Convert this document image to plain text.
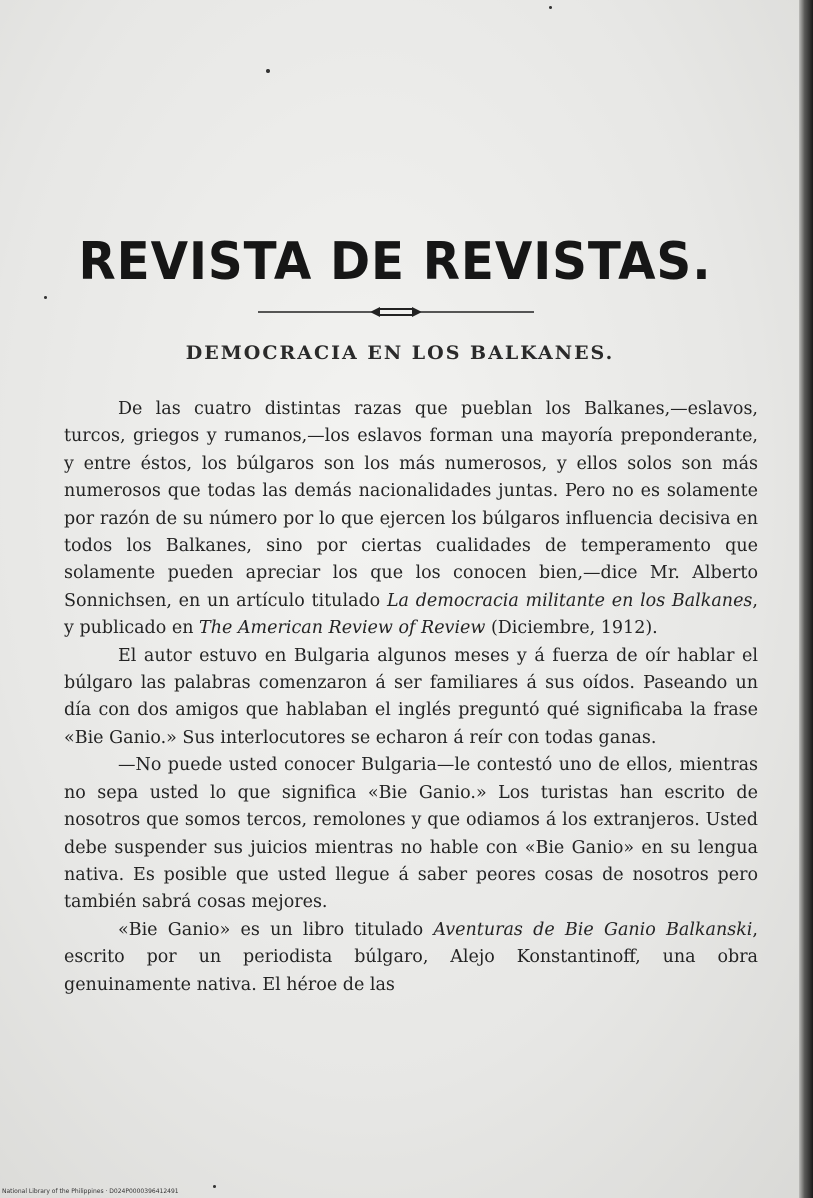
REVISTA DE REVISTAS.
DEMOCRACIA EN LOS BALKANES.

De las cuatro distintas razas que pueblan los Balkanes,—eslavos, turcos, griegos y rumanos,—los eslavos forman una mayoría preponderante, y entre éstos, los búlgaros son los más numerosos, y ellos solos son más numerosos que todas las demás nacionalidades juntas. Pero no es solamente por razón de su número por lo que ejercen los búlgaros influencia decisiva en todos los Balkanes, sino por ciertas cualidades de temperamento que solamente pueden apreciar los que los conocen bien,—dice Mr. Alberto Sonnichsen, en un artículo titulado La democracia militante en los Balkanes, y publicado en The American Review of Review (Diciembre, 1912).

El autor estuvo en Bulgaria algunos meses y á fuerza de oír hablar el búlgaro las palabras comenzaron á ser familiares á sus oídos. Paseando un día con dos amigos que hablaban el inglés preguntó qué significaba la frase «Bie Ganio.» Sus interlocutores se echaron á reír con todas ganas.

—No puede usted conocer Bulgaria—le contestó uno de ellos, mientras no sepa usted lo que significa «Bie Ganio.» Los turistas han escrito de nosotros que somos tercos, remolones y que odiamos á los extranjeros. Usted debe suspender sus juicios mientras no hable con «Bie Ganio» en su lengua nativa. Es posible que usted llegue á saber peores cosas de nosotros pero también sabrá cosas mejores.

«Bie Ganio» es un libro titulado Aventuras de Bie Ganio Balkanski, escrito por un periodista búlgaro, Alejo Konstantinoff, una obra genuinamente nativa. El héroe de las

National Library of the Philippines · D024P0000396412491
